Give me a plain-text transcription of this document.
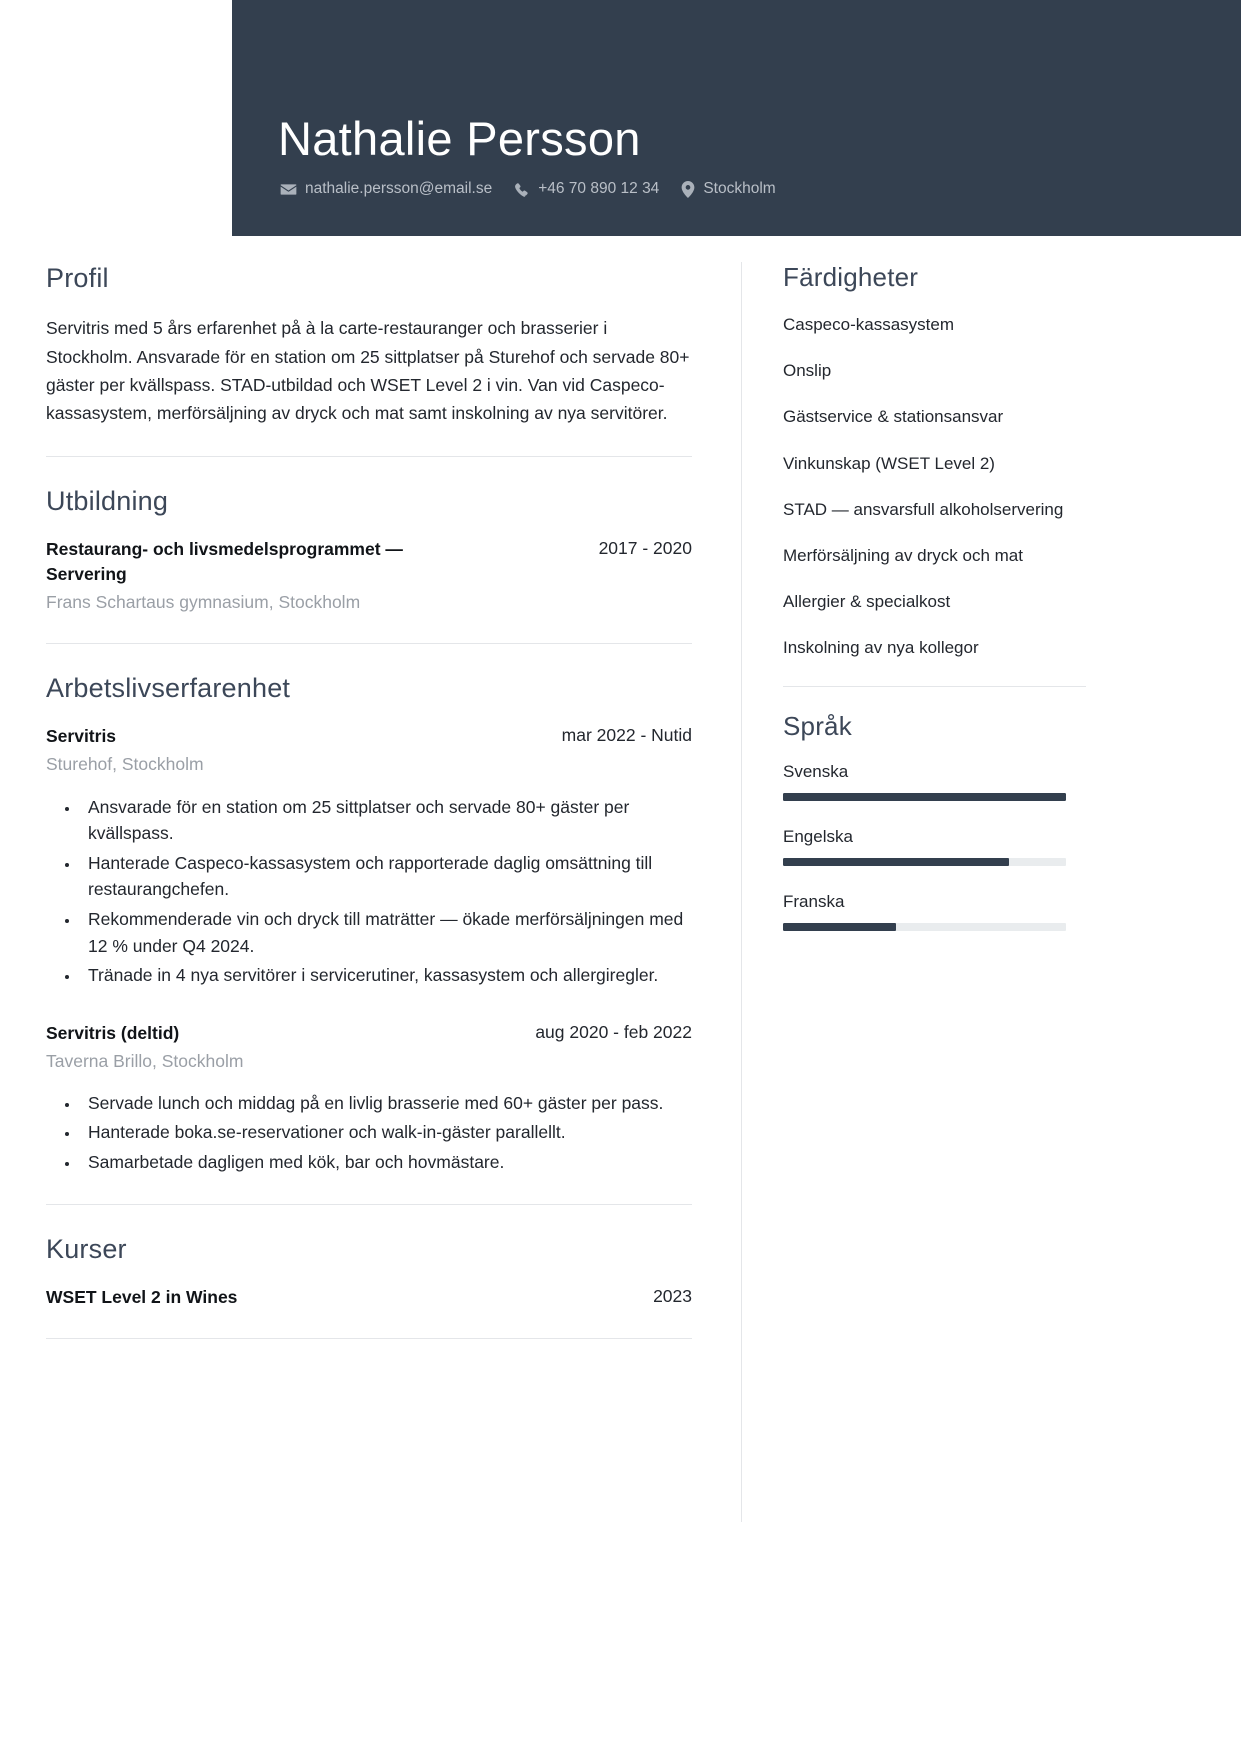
Nathalie Persson
nathalie.persson@email.se	+46 70 890 12 34	Stockholm
Profil

Servitris med 5 års erfarenhet på à la carte-restauranger och brasserier i Stockholm. Ansvarade för en station om 25 sittplatser på Sturehof och servade 80+ gäster per kvällspass. STAD-utbildad och WSET Level 2 i vin. Van vid Caspeco-kassasystem, merförsäljning av dryck och mat samt inskolning av nya servitörer.

Utbildning
Restaurang- och livsmedelsprogrammet — Servering
2017 - 2020
Frans Schartaus gymnasium, Stockholm
Arbetslivserfarenhet
Servitris	mar 2022 - Nutid
Sturehof, Stockholm
• Ansvarade för en station om 25 sittplatser och servade 80+ gäster per kvällspass.
• Hanterade Caspeco-kassasystem och rapporterade daglig omsättning till restaurangchefen.
• Rekommenderade vin och dryck till maträtter — ökade merförsäljningen med 12 % under Q4 2024.
• Tränade in 4 nya servitörer i servicerutiner, kassasystem och allergiregler.
Servitris (deltid)	aug 2020 - feb 2022
Taverna Brillo, Stockholm
• Servade lunch och middag på en livlig brasserie med 60+ gäster per pass.
• Hanterade boka.se-reservationer och walk-in-gäster parallellt.
• Samarbetade dagligen med kök, bar och hovmästare.
Kurser
WSET Level 2 in Wines	2023
Färdigheter
Caspeco-kassasystem
Onslip
Gästservice & stationsansvar
Vinkunskap (WSET Level 2)
STAD — ansvarsfull alkoholservering
Merförsäljning av dryck och mat
Allergier & specialkost
Inskolning av nya kollegor
Språk
Svenska
Engelska
Franska
